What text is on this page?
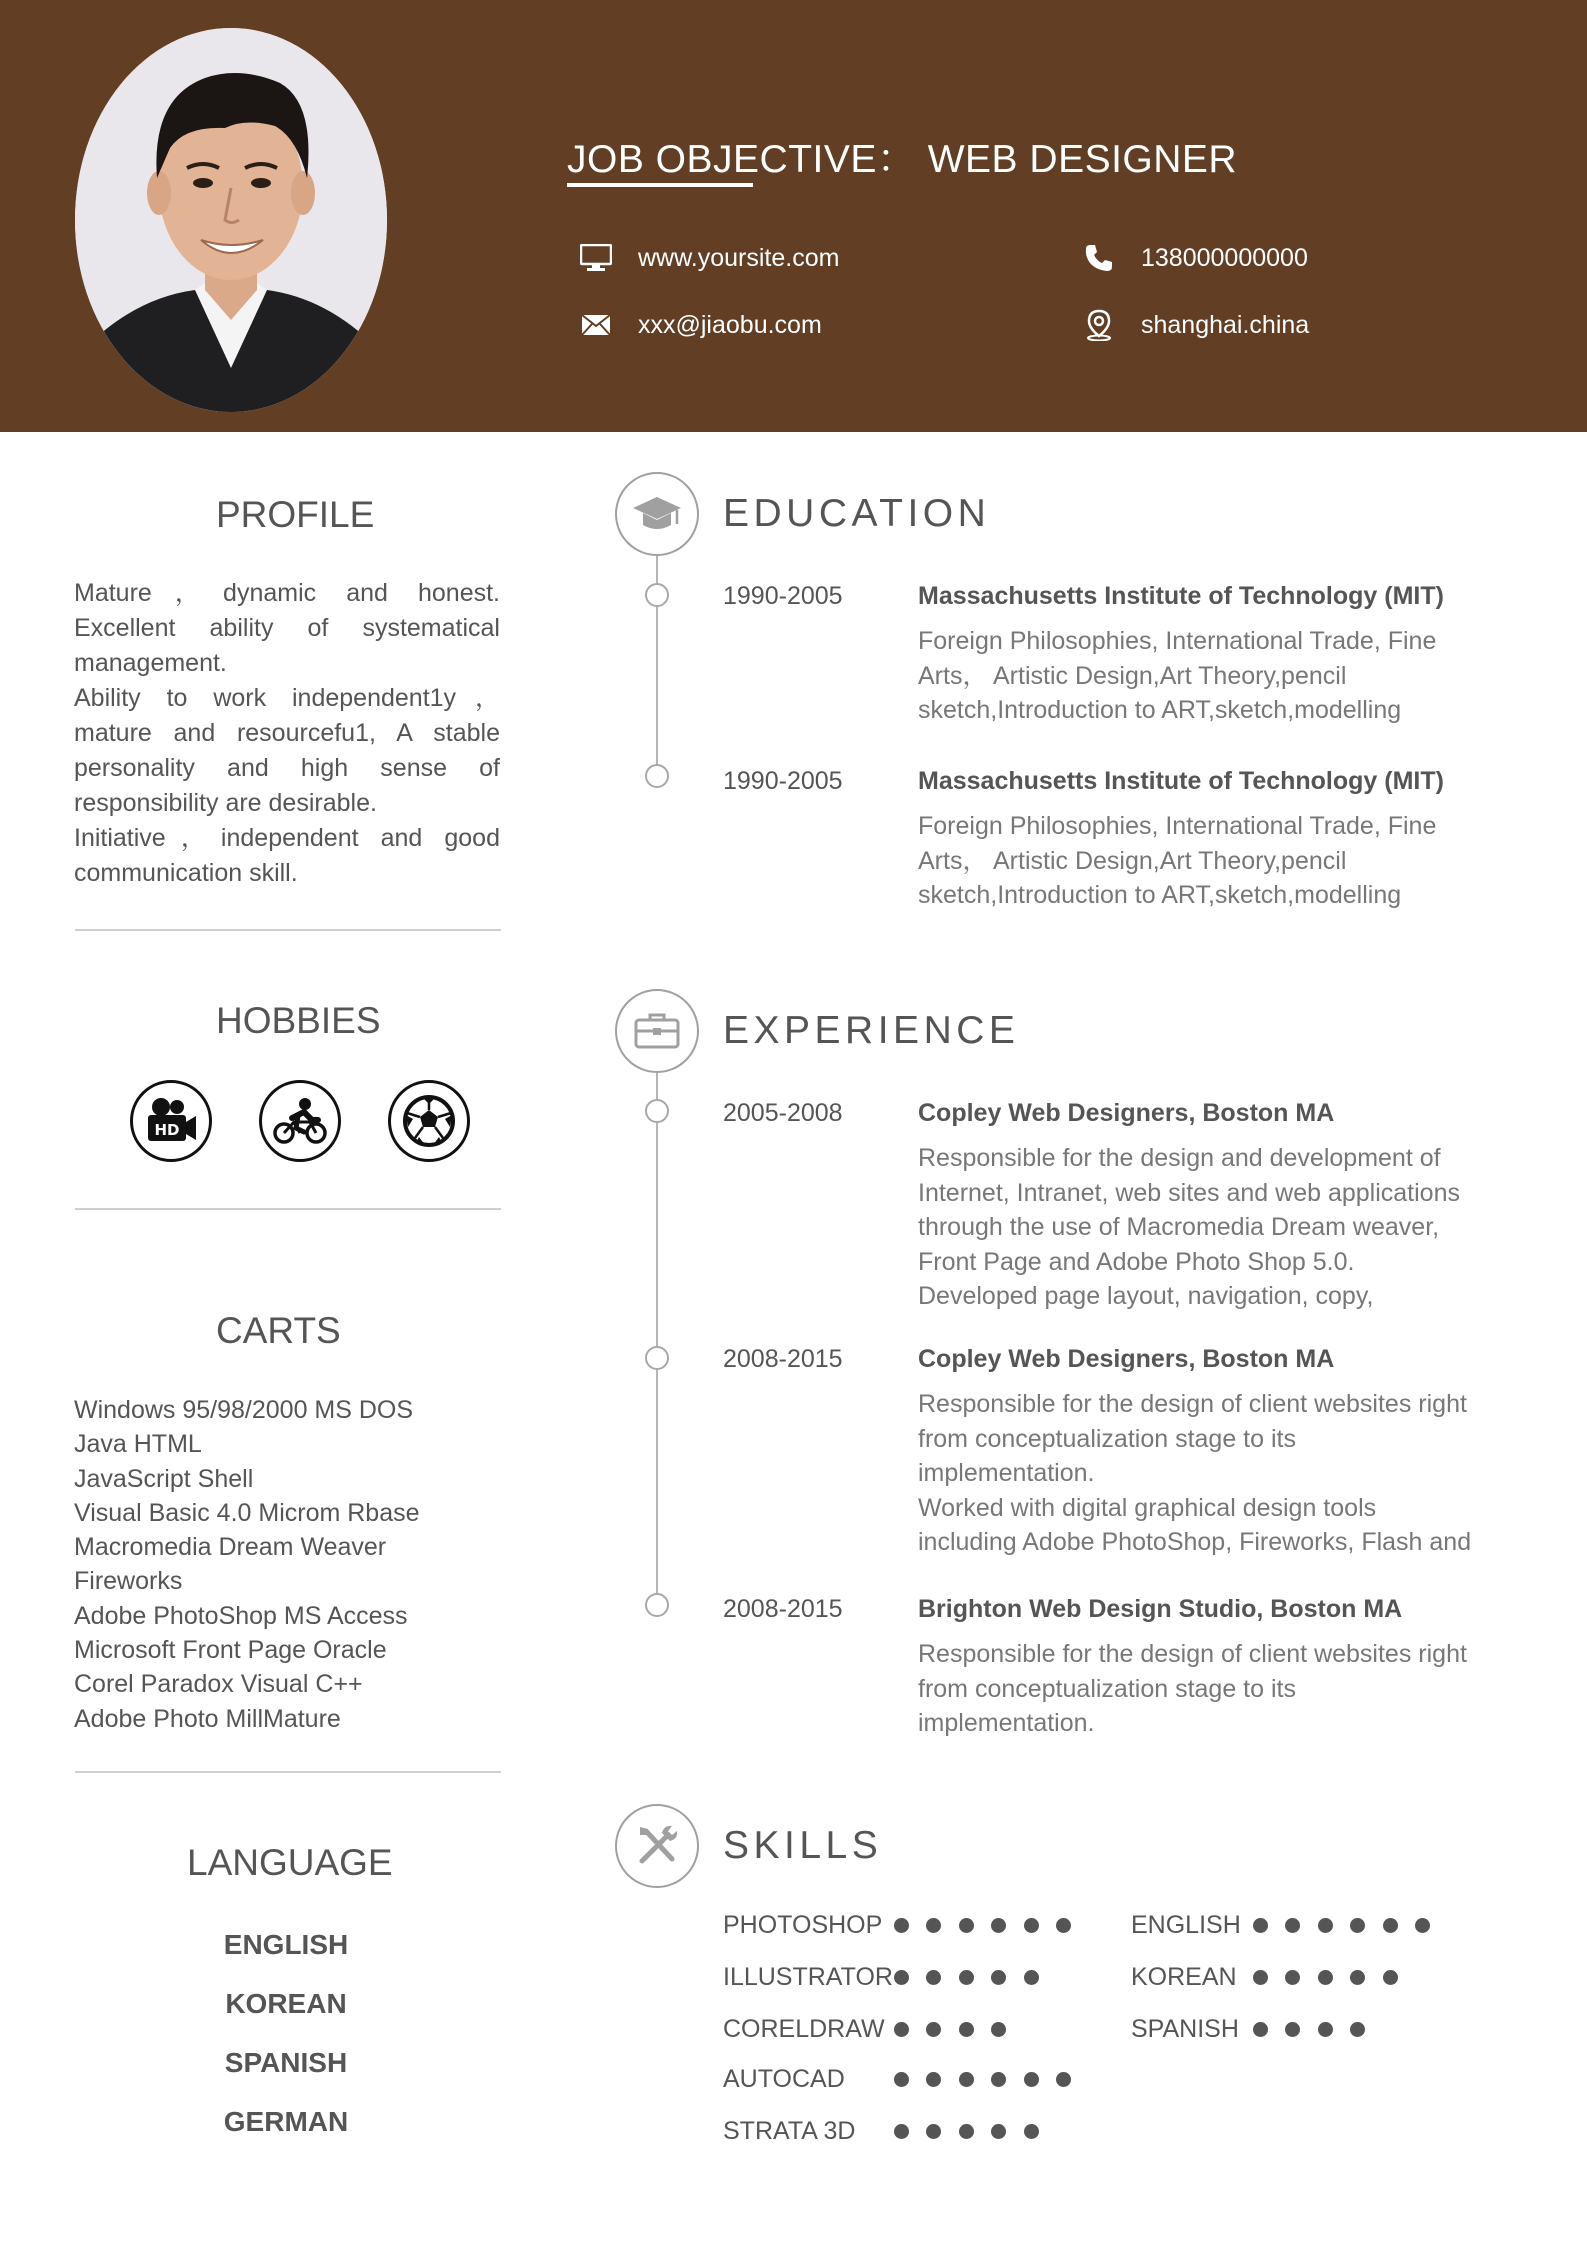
JOB OBJECTIVE： WEB DESIGNER
www.yoursite.com	138000000000
xxx@jiaobu.com	shanghai.china
PROFILE

Mature，dynamic and honest. Excellent ability of systematical management.

Ability to work independent1y，mature and resourcefu1, A stable personality and high sense of responsibility are desirable.

Initiative，independent and good communication skill.

HOBBIES
HD
CARTS
Windows 95/98/2000 MS DOS
Java HTML
JavaScript Shell
Visual Basic 4.0 Microm Rbase
Macromedia Dream Weaver
Fireworks
Adobe PhotoShop MS Access
Microsoft Front Page Oracle
Corel Paradox Visual C++
Adobe Photo MillMature
LANGUAGE
ENGLISH
KOREAN
SPANISH
GERMAN
EDUCATION
1990-2005	Massachusetts Institute of Technology (MIT)
Foreign Philosophies, International Trade, Fine
Arts， Artistic Design,Art Theory,pencil
sketch,Introduction to ART,sketch,modelling
1990-2005	Massachusetts Institute of Technology (MIT)
Foreign Philosophies, International Trade, Fine
Arts， Artistic Design,Art Theory,pencil
sketch,Introduction to ART,sketch,modelling
EXPERIENCE
2005-2008	Copley Web Designers, Boston MA
Responsible for the design and development of
Internet, Intranet, web sites and web applications
through the use of Macromedia Dream weaver,
Front Page and Adobe Photo Shop 5.0.
Developed page layout, navigation, copy,
2008-2015	Copley Web Designers, Boston MA
Responsible for the design of client websites right
from conceptualization stage to its
implementation.
Worked with digital graphical design tools
including Adobe PhotoShop, Fireworks, Flash and
2008-2015	Brighton Web Design Studio, Boston MA
Responsible for the design of client websites right
from conceptualization stage to its
implementation.
SKILLS
PHOTOSHOP
ILLUSTRATOR
CORELDRAW
AUTOCAD
STRATA 3D
ENGLISH
KOREAN
SPANISH
